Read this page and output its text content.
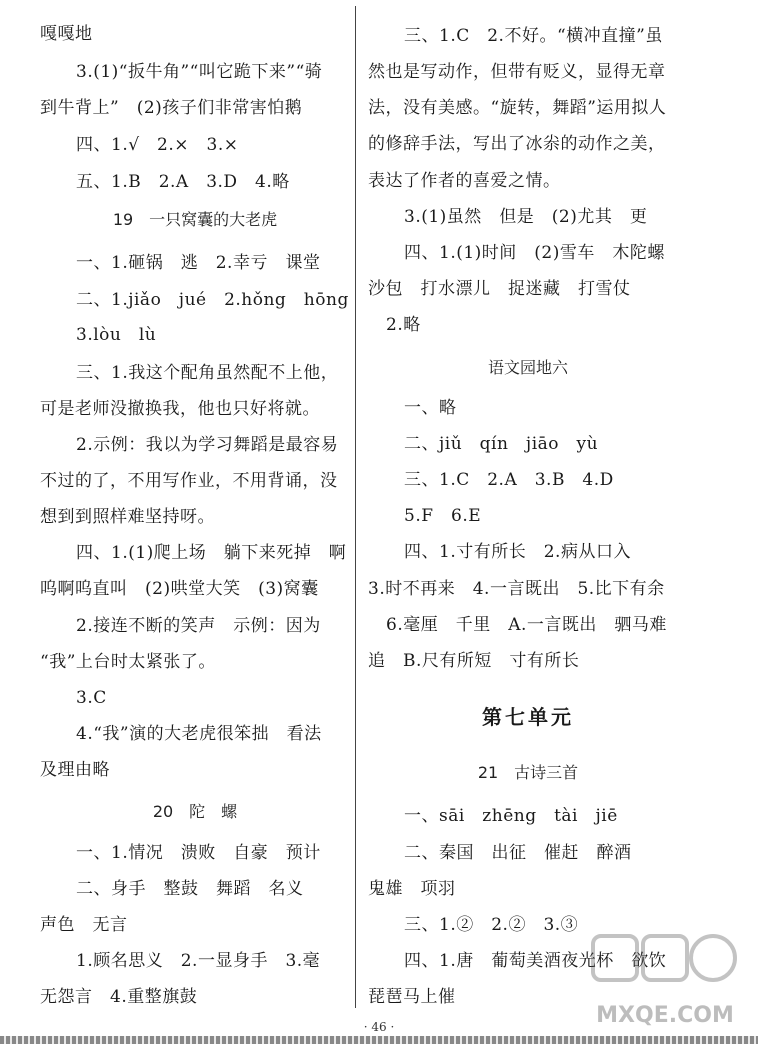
嘎嘎地
3.(1)“扳牛角”“叫它跪下来”“骑
到牛背上”　(2)孩子们非常害怕鹅
四、1.√　2.×　3.×
五、1.B　2.A　3.D　4.略
19　一只窝囊的大老虎
一、1.砸锅　逃　2.幸亏　课堂
二、1.jiǎo　jué　2.hǒng　hōng
3.lòu　lù
三、1.我这个配角虽然配不上他，
可是老师没撤换我，他也只好将就。
2.示例：我以为学习舞蹈是最容易
不过的了，不用写作业，不用背诵，没
想到到照样难坚持呀。
四、1.(1)爬上场　躺下来死掉　啊
呜啊呜直叫　(2)哄堂大笑　(3)窝囊
2.接连不断的笑声　示例：因为
“我”上台时太紧张了。
3.C
4.“我”演的大老虎很笨拙　看法
及理由略
20　陀　螺
一、1.情况　溃败　自豪　预计
二、身手　整鼓　舞蹈　名义
声色　无言
1.顾名思义　2.一显身手　3.毫
无怨言　4.重整旗鼓
三、1.C　2.不好。“横冲直撞”虽
然也是写动作，但带有贬义，显得无章
法，没有美感。“旋转，舞蹈”运用拟人
的修辞手法，写出了冰尜的动作之美，
表达了作者的喜爱之情。
3.(1)虽然　但是　(2)尤其　更
四、1.(1)时间　(2)雪车　木陀螺
沙包　打水漂儿　捉迷藏　打雪仗
2.略
语文园地六
一、略
二、jiǔ　qín　jiāo　yù
三、1.C　2.A　3.B　4.D
5.F　6.E
四、1.寸有所长　2.病从口入
3.时不再来　4.一言既出　5.比下有余
6.毫厘　千里　A.一言既出　驷马难
追　B.尺有所短　寸有所长
第七单元
21　古诗三首
一、sāi　zhēng　tài　jiē
二、秦国　出征　催赶　醉酒
鬼雄　项羽
三、1.②　2.②　3.③
四、1.唐　葡萄美酒夜光杯　欲饮
琵琶马上催
MXQE.COM
· 46 ·
